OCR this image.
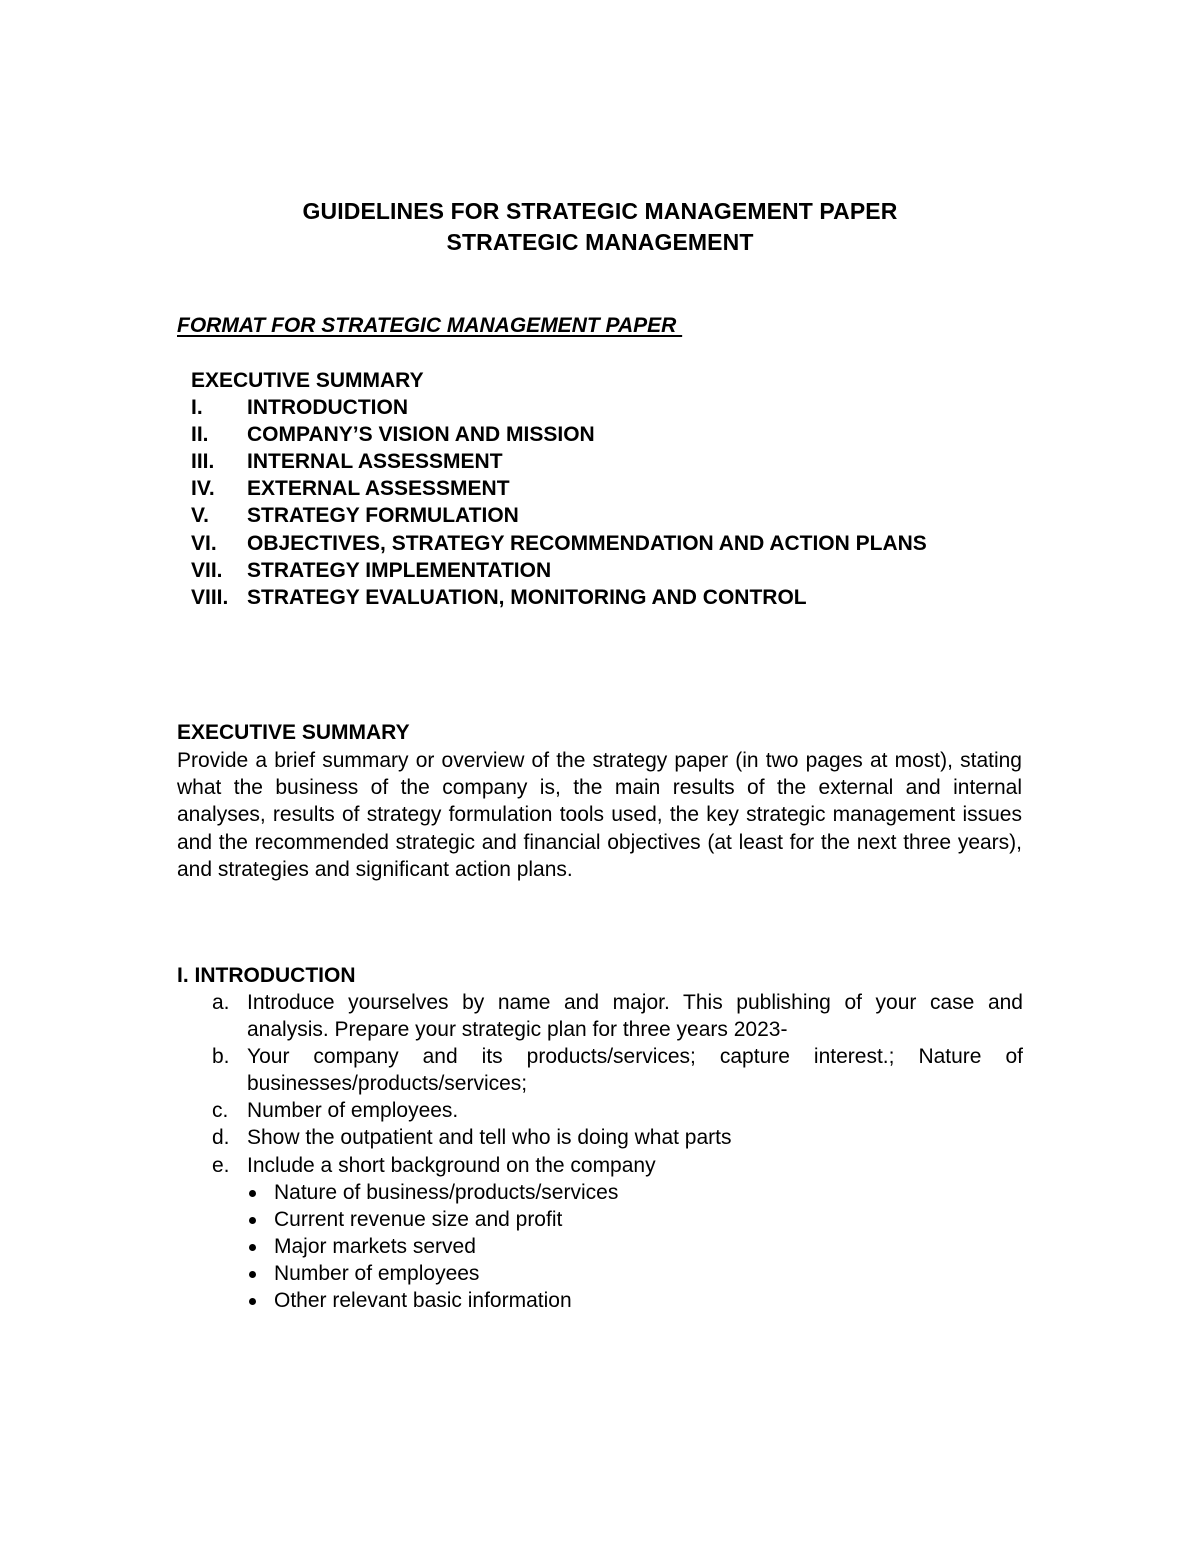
GUIDELINES FOR STRATEGIC MANAGEMENT PAPER
STRATEGIC MANAGEMENT
FORMAT FOR STRATEGIC MANAGEMENT PAPER
EXECUTIVE SUMMARY
I.	INTRODUCTION
II.	COMPANY’S VISION AND MISSION
III.	INTERNAL ASSESSMENT
IV.	EXTERNAL ASSESSMENT
V.	STRATEGY FORMULATION
VI.	OBJECTIVES, STRATEGY RECOMMENDATION AND ACTION PLANS
VII.	STRATEGY IMPLEMENTATION
VIII. STRATEGY EVALUATION, MONITORING AND CONTROL
EXECUTIVE SUMMARY
Provide a brief summary or overview of the strategy paper (in two pages at most), stating what the business of the company is, the main results of the external and internal analyses, results of strategy formulation tools used, the key strategic management issues and the recommended strategic and financial objectives (at least for the next three years), and strategies and significant action plans.
I. INTRODUCTION
a. Introduce yourselves by name and major. This publishing of your case and analysis. Prepare your strategic plan for three years 2023-
b. Your company and its products/services; capture interest.; Nature of businesses/products/services;
c. Number of employees.
d. Show the outpatient and tell who is doing what parts
e. Include a short background on the company
Nature of business/products/services
Current revenue size and profit
Major markets served
Number of employees
Other relevant basic information
